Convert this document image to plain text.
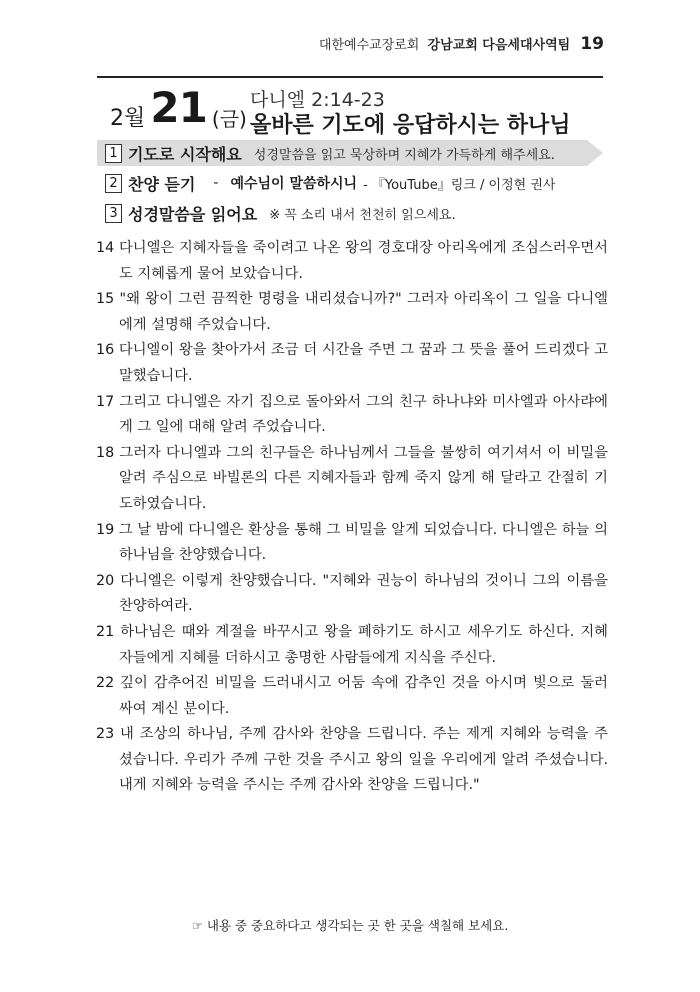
대한예수교장로회 강남교회 다음세대사역팀 19
2월 21 (금)
다니엘 2:14-23
올바른 기도에 응답하시는 하나님
1 기도로 시작해요 성경말씀을 읽고 묵상하며 지혜가 가득하게 해주세요.
2 찬양 듣기 - 예수님이 말씀하시니 - 『YouTube』링크 / 이정현 권사
3 성경말씀을 읽어요 ※ 꼭 소리 내서 천천히 읽으세요.
14 다니엘은 지혜자들을 죽이려고 나온 왕의 경호대장 아리옥에게 조심스러우면서 도 지혜롭게 물어 보았습니다.
15 "왜 왕이 그런 끔찍한 명령을 내리셨습니까?" 그러자 아리옥이 그 일을 다니엘 에게 설명해 주었습니다.
16 다니엘이 왕을 찾아가서 조금 더 시간을 주면 그 꿈과 그 뜻을 풀어 드리겠다 고 말했습니다.
17 그리고 다니엘은 자기 집으로 돌아와서 그의 친구 하나냐와 미사엘과 아사랴에 게 그 일에 대해 알려 주었습니다.
18 그러자 다니엘과 그의 친구들은 하나님께서 그들을 불쌍히 여기셔서 이 비밀을 알려 주심으로 바빌론의 다른 지혜자들과 함께 죽지 않게 해 달라고 간절히 기 도하였습니다.
19 그 날 밤에 다니엘은 환상을 통해 그 비밀을 알게 되었습니다. 다니엘은 하늘 의 하나님을 찬양했습니다.
20 다니엘은 이렇게 찬양했습니다. "지혜와 권능이 하나님의 것이니 그의 이름을 찬양하여라.
21 하나님은 때와 계절을 바꾸시고 왕을 폐하기도 하시고 세우기도 하신다. 지혜 자들에게 지혜를 더하시고 총명한 사람들에게 지식을 주신다.
22 깊이 감추어진 비밀을 드러내시고 어둠 속에 감추인 것을 아시며 빛으로 둘러 싸여 계신 분이다.
23 내 조상의 하나님, 주께 감사와 찬양을 드립니다. 주는 제게 지혜와 능력을 주 셨습니다. 우리가 주께 구한 것을 주시고 왕의 일을 우리에게 알려 주셨습니다. 내게 지혜와 능력을 주시는 주께 감사와 찬양을 드립니다."
☞ 내용 중 중요하다고 생각되는 곳 한 곳을 색칠해 보세요.
